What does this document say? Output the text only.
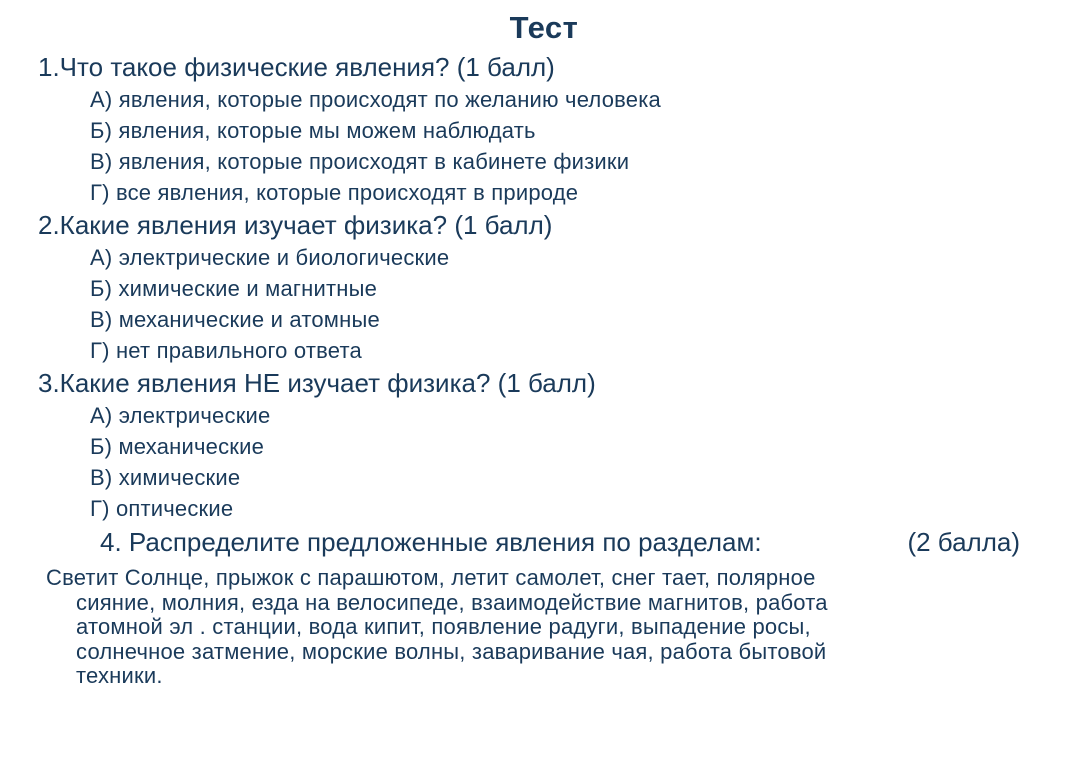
Тест
1.Что такое физические явления? (1 балл)
А) явления, которые происходят по желанию человека
Б) явления, которые мы можем наблюдать
В) явления, которые происходят в кабинете физики
Г) все явления, которые происходят в природе
2.Какие явления изучает физика? (1 балл)
А) электрические и биологические
Б) химические и магнитные
В) механические и атомные
Г) нет правильного ответа
3.Какие явления НЕ изучает физика? (1 балл)
А) электрические
Б) механические
В) химические
Г) оптические
4. Распределите предложенные явления по разделам:	(2 балла)
Светит Солнце, прыжок с парашютом, летит самолет, снег тает, полярное
сияние, молния, езда на велосипеде, взаимодействие магнитов, работа
атомной эл . станции, вода кипит, появление радуги, выпадение росы,
солнечное затмение, морские волны, заваривание чая, работа бытовой
техники.
